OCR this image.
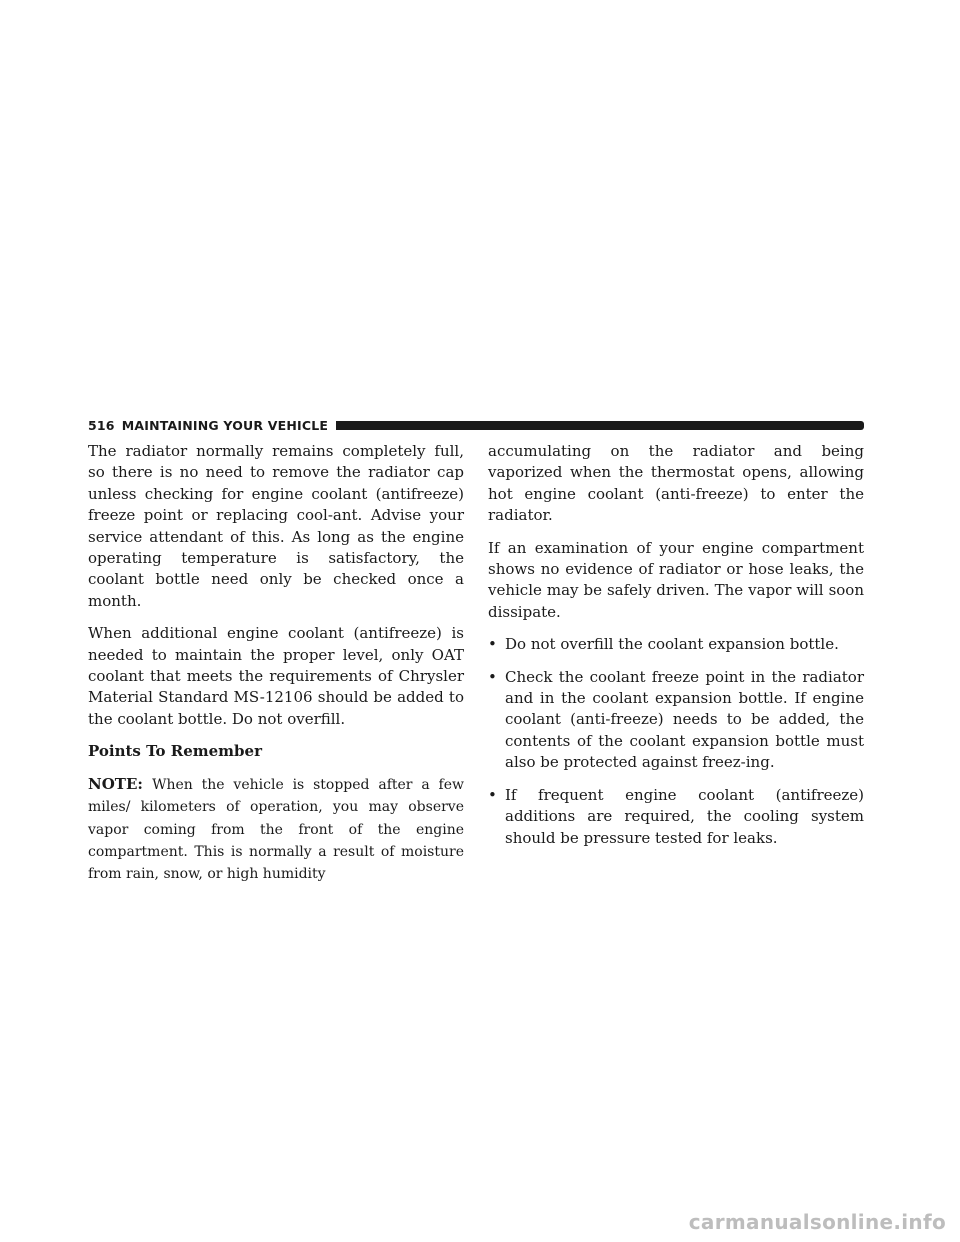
516 MAINTAINING YOUR VEHICLE

The radiator normally remains completely full, so there is no need to remove the radiator cap unless checking for engine coolant (antifreeze) freeze point or replacing cool-ant. Advise your service attendant of this. As long as the engine operating temperature is satisfactory, the coolant bottle need only be checked once a month.

When additional engine coolant (antifreeze) is needed to maintain the proper level, only OAT coolant that meets the requirements of Chrysler Material Standard MS-12106 should be added to the coolant bottle. Do not overfill.

Points To Remember

NOTE: When the vehicle is stopped after a few miles/ kilometers of operation, you may observe vapor coming from the front of the engine compartment. This is normally a result of moisture from rain, snow, or high humidity

accumulating on the radiator and being vaporized when the thermostat opens, allowing hot engine coolant (anti-freeze) to enter the radiator.

If an examination of your engine compartment shows no evidence of radiator or hose leaks, the vehicle may be safely driven. The vapor will soon dissipate.

• Do not overfill the coolant expansion bottle.
• Check the coolant freeze point in the radiator and in the coolant expansion bottle. If engine coolant (anti-freeze) needs to be added, the contents of the coolant expansion bottle must also be protected against freez-ing.
• If frequent engine coolant (antifreeze) additions are required, the cooling system should be pressure tested for leaks.
carmanualsonline.info
